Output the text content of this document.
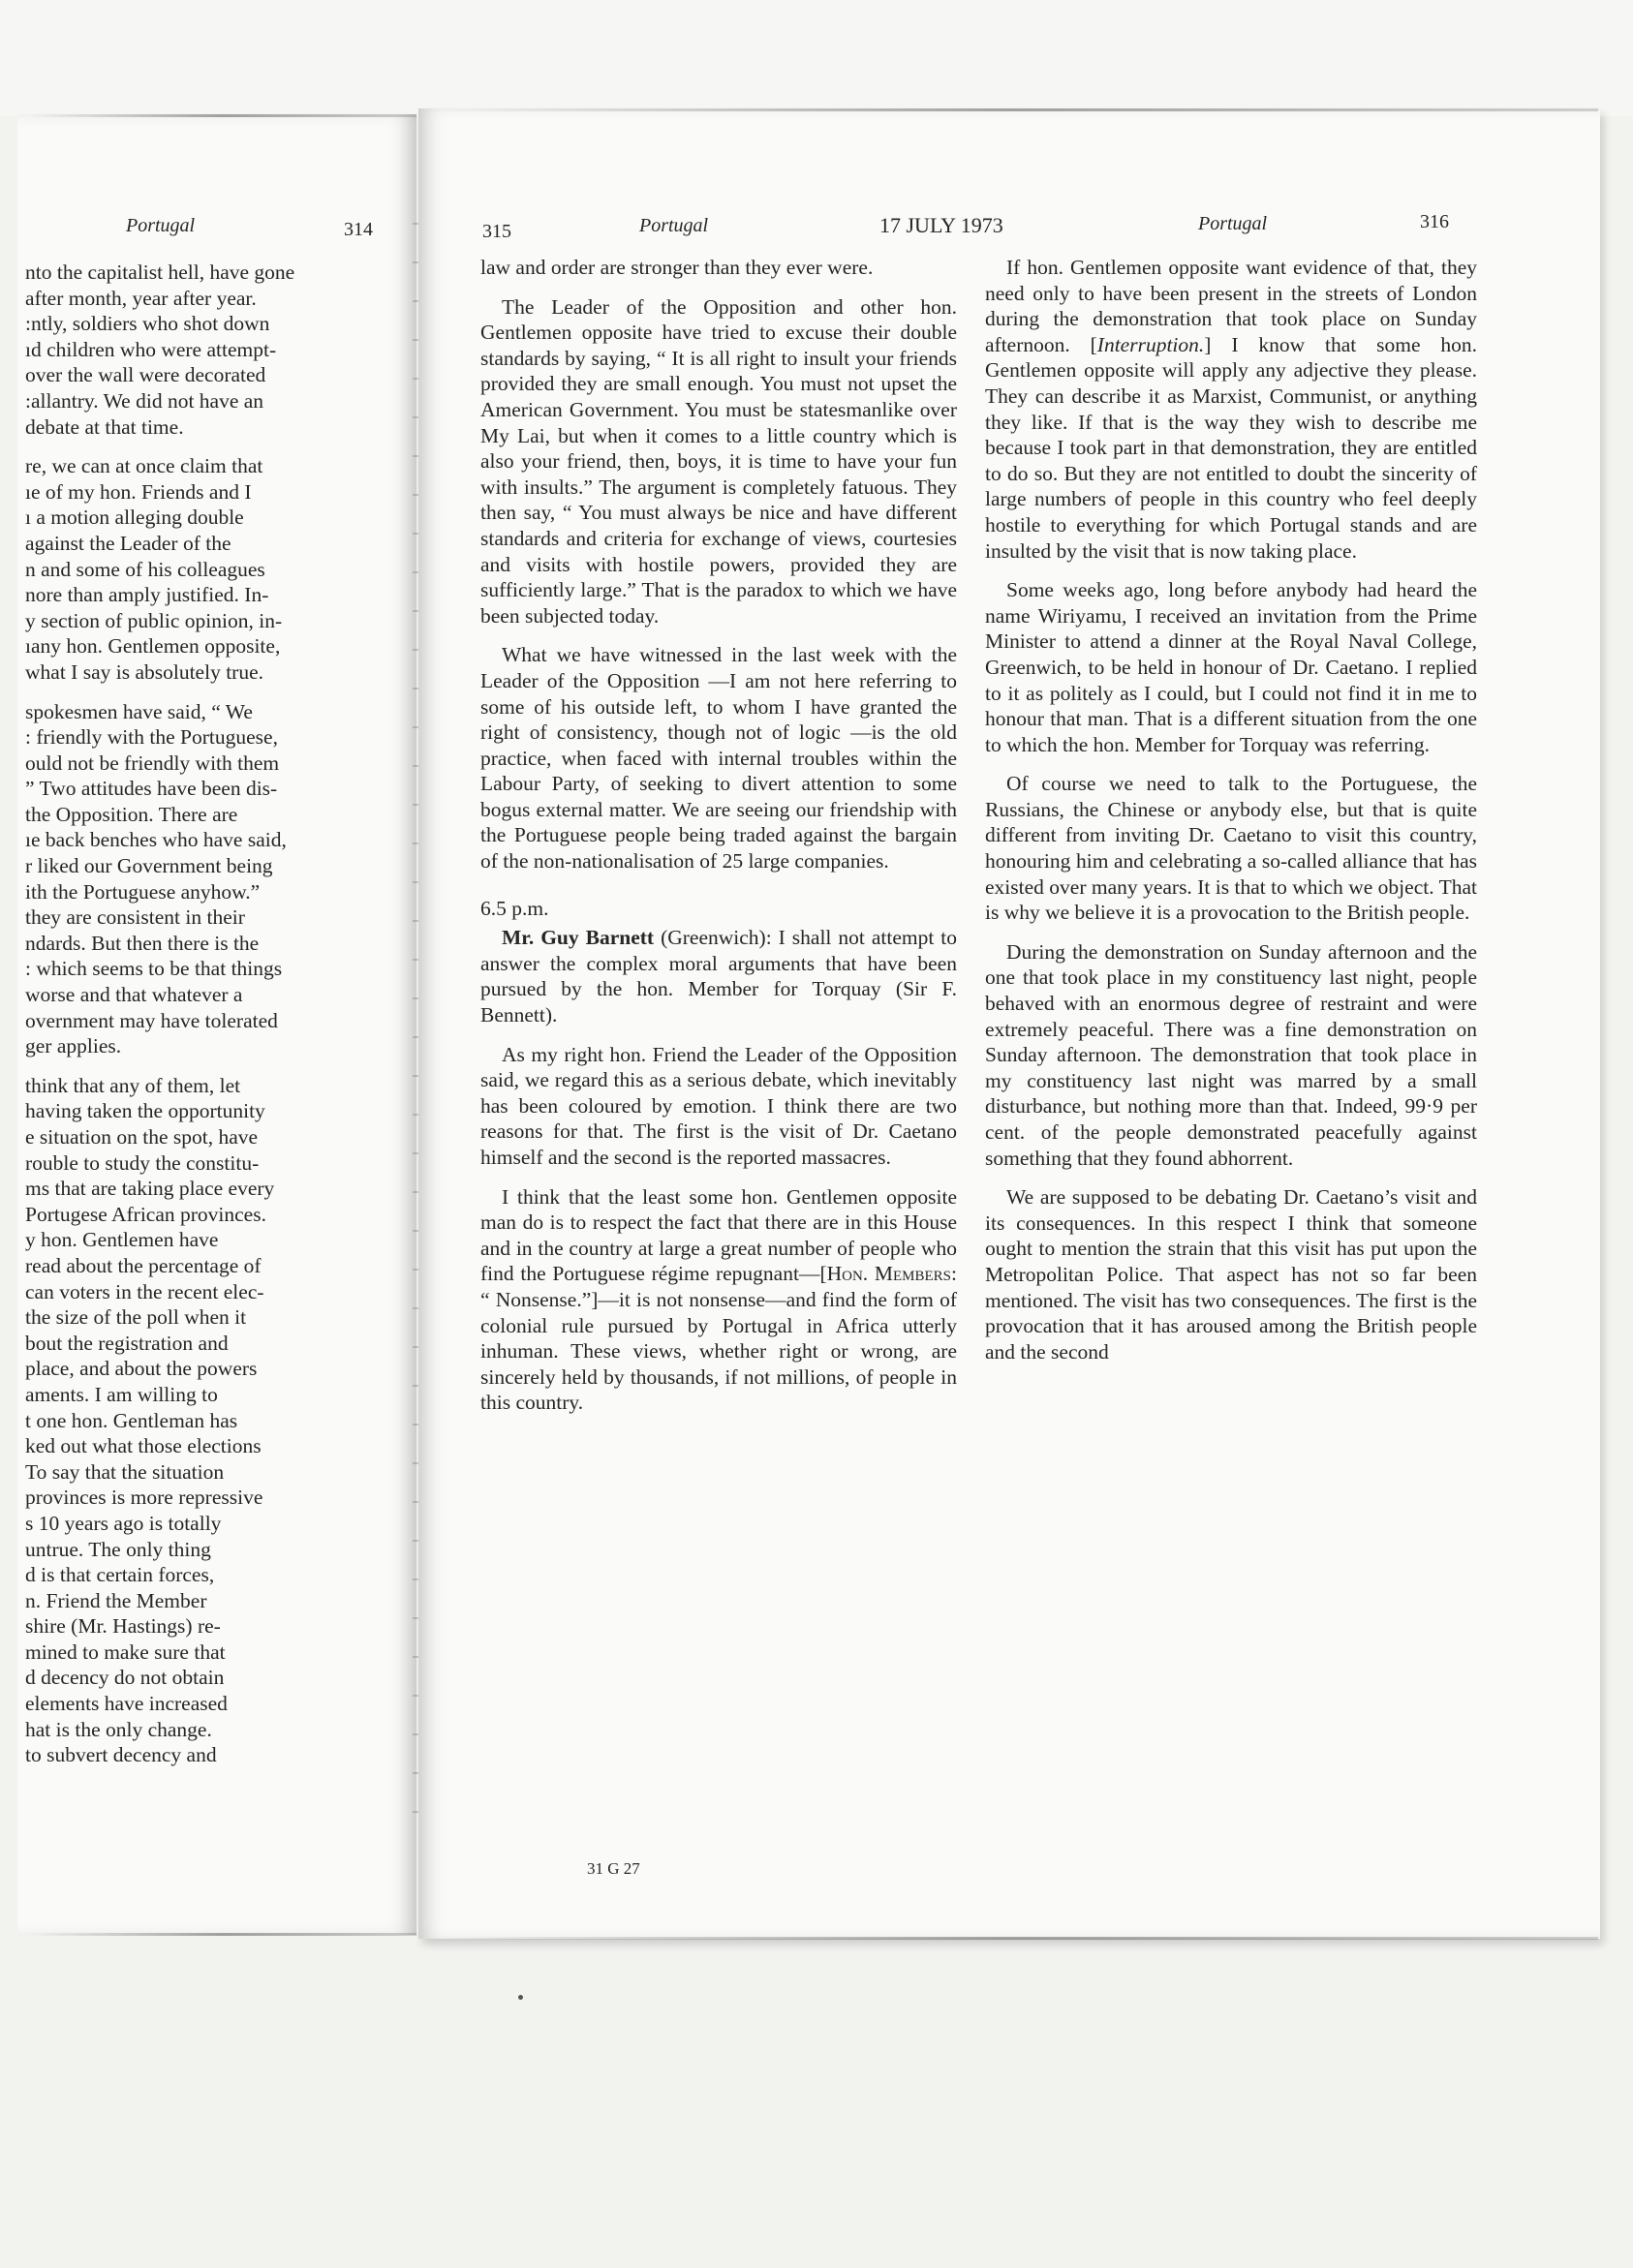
Portugal	314
nto the capitalist hell, have gone
after month, year after year.
:ntly, soldiers who shot down
ıd children who were attempt-
over the wall were decorated
:allantry. We did not have an
debate at that time.
re, we can at once claim that
ıe of my hon. Friends and I
ı a motion alleging double
against the Leader of the
n and some of his colleagues
nore than amply justified. In-
y section of public opinion, in-
ıany hon. Gentlemen opposite,
what I say is absolutely true.
spokesmen have said, “ We
: friendly with the Portuguese,
ould not be friendly with them
” Two attitudes have been dis-
the Opposition. There are
ıe back benches who have said,
r liked our Government being
ith the Portuguese anyhow.”
they are consistent in their
ndards. But then there is the
: which seems to be that things
worse and that whatever a
overnment may have tolerated
ger applies.
think that any of them, let
having taken the opportunity
e situation on the spot, have
rouble to study the constitu-
ms that are taking place every
Portugese African provinces.
y hon. Gentlemen have
read about the percentage of
can voters in the recent elec-
the size of the poll when it
bout the registration and
place, and about the powers
aments. I am willing to
t one hon. Gentleman has
ked out what those elections
To say that the situation
provinces is more repressive
s 10 years ago is totally
untrue. The only thing
d is that certain forces,
n. Friend the Member
shire (Mr. Hastings) re-
mined to make sure that
d decency do not obtain
elements have increased
hat is the only change.
to subvert decency and
315	Portugal	17 JULY 1973	Portugal	316

law and order are stronger than they ever were.

The Leader of the Opposition and other hon. Gentlemen opposite have tried to excuse their double standards by saying, “ It is all right to insult your friends provided they are small enough. You must not upset the American Government. You must be statesmanlike over My Lai, but when it comes to a little country which is also your friend, then, boys, it is time to have your fun with insults.” The argument is completely fatuous. They then say, “ You must always be nice and have different standards and criteria for exchange of views, courtesies and visits with hostile powers, provided they are sufficiently large.” That is the paradox to which we have been subjected today.

What we have witnessed in the last week with the Leader of the Opposition —I am not here referring to some of his outside left, to whom I have granted the right of consistency, though not of logic —is the old practice, when faced with internal troubles within the Labour Party, of seeking to divert attention to some bogus external matter. We are seeing our friendship with the Portuguese people being traded against the bargain of the non-nationalisation of 25 large companies.

6.5 p.m.

Mr. Guy Barnett (Greenwich): I shall not attempt to answer the complex moral arguments that have been pursued by the hon. Member for Torquay (Sir F. Bennett).

As my right hon. Friend the Leader of the Opposition said, we regard this as a serious debate, which inevitably has been coloured by emotion. I think there are two reasons for that. The first is the visit of Dr. Caetano himself and the second is the reported massacres.

I think that the least some hon. Gentlemen opposite man do is to respect the fact that there are in this House and in the country at large a great number of people who find the Portuguese régime repugnant—[Hon. Members: “ Nonsense.”]—it is not nonsense—and find the form of colonial rule pursued by Portugal in Africa utterly inhuman. These views, whether right or wrong, are sincerely held by thousands, if not millions, of people in this country.

31 G 27

If hon. Gentlemen opposite want evidence of that, they need only to have been present in the streets of London during the demonstration that took place on Sunday afternoon. [Interruption.] I know that some hon. Gentlemen opposite will apply any adjective they please. They can describe it as Marxist, Communist, or anything they like. If that is the way they wish to describe me because I took part in that demonstration, they are entitled to do so. But they are not entitled to doubt the sincerity of large numbers of people in this country who feel deeply hostile to everything for which Portugal stands and are insulted by the visit that is now taking place.

Some weeks ago, long before anybody had heard the name Wiriyamu, I received an invitation from the Prime Minister to attend a dinner at the Royal Naval College, Greenwich, to be held in honour of Dr. Caetano. I replied to it as politely as I could, but I could not find it in me to honour that man. That is a different situation from the one to which the hon. Member for Torquay was referring.

Of course we need to talk to the Portuguese, the Russians, the Chinese or anybody else, but that is quite different from inviting Dr. Caetano to visit this country, honouring him and celebrating a so-called alliance that has existed over many years. It is that to which we object. That is why we believe it is a provocation to the British people.

During the demonstration on Sunday afternoon and the one that took place in my constituency last night, people behaved with an enormous degree of restraint and were extremely peaceful. There was a fine demonstration on Sunday afternoon. The demonstration that took place in my constituency last night was marred by a small disturbance, but nothing more than that. Indeed, 99·9 per cent. of the people demonstrated peacefully against something that they found abhorrent.

We are supposed to be debating Dr. Caetano’s visit and its consequences. In this respect I think that someone ought to mention the strain that this visit has put upon the Metropolitan Police. That aspect has not so far been mentioned. The visit has two consequences. The first is the provocation that it has aroused among the British people and the second
